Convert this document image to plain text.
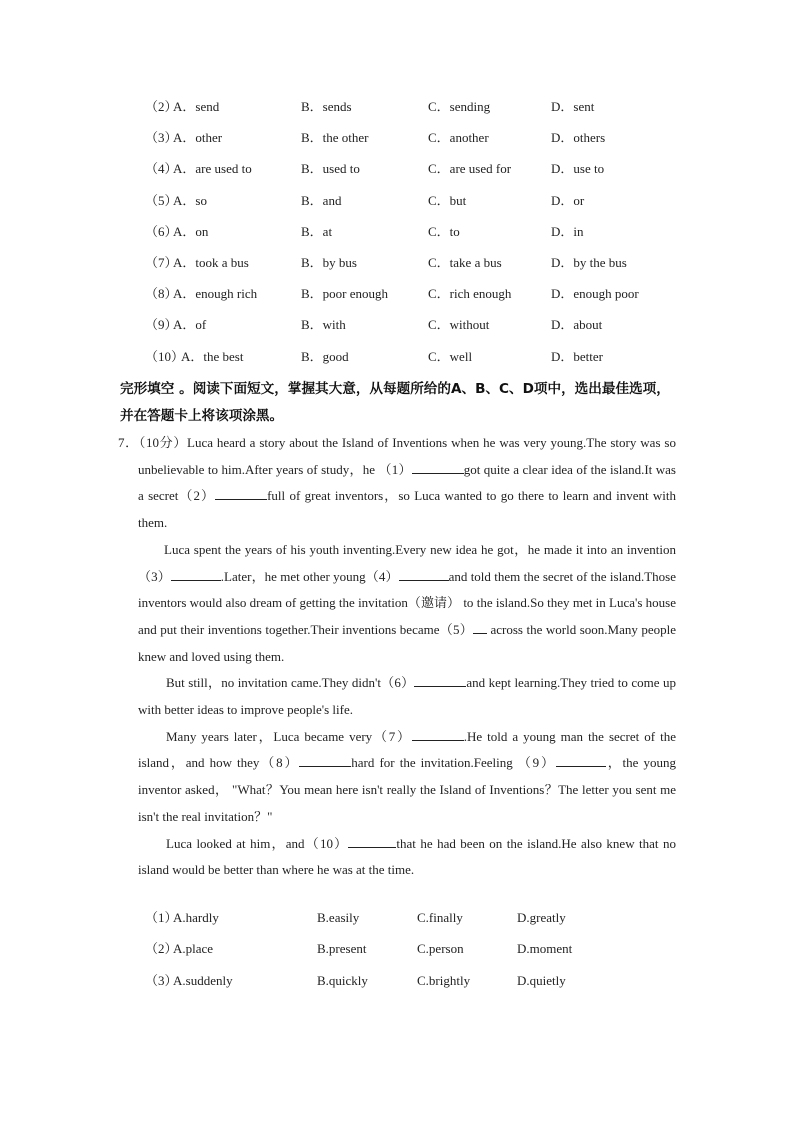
（2）
A．send	B．sends	C．sending	D．sent
（3）
A．other	B．the other	C．another	D．others
（4）
A．are used to	B．used to	C．are used for	D．use to
（5）
A．so	B．and	C．but	D．or
（6）
A．on	B．at	C．to	D．in
（7）
A．took a bus	B．by bus	C．take a bus	D．by the bus
（8）
A．enough rich	B．poor enough	C．rich enough	D．enough poor
（9）
A．of	B．with	C．without	D．about
（10）
A．the best	B．good	C．well	D．better
完形填空 。阅读下面短文，掌握其大意，从每题所给的A、B、C、D项中，选出最佳选项，并在答题卡上将该项涂黑。

7．（10分）Luca heard a story about the Island of Inventions when he was very young.The story was so unbelievable to him.After years of study，he （1）	got quite a clear idea of the island.It was a secret（2）	full of great inventors，so Luca wanted to go there to learn and invent with them.

Luca spent the years of his youth inventing.Every new idea he got，he made it into an invention（3）	.Later，he met other young（4）	and told them the secret of the island.Those inventors would also dream of getting the invitation（邀请） to the island.So they met in Luca's house and put their inventions together.Their inventions became（5） across the world soon.Many people knew and loved using them.

But still，no invitation came.They didn't（6）	and kept learning.They tried to come up with better ideas to improve people's life.

Many years later，Luca became very（7）	.He told a young man the secret of the island，and how they（8）	hard for the invitation.Feeling （9）	，the young inventor asked， "What？You mean here isn't really the Island of Inventions？The letter you sent me isn't the real invitation？"

Luca looked at him，and（10）	that he had been on the island.He also knew that no island would be better than where he was at the time.

（1）
A.hardly	B.easily	C.finally	D.greatly
（2）
A.place	B.present	C.person	D.moment
（3）
A.suddenly	B.quickly	C.brightly	D.quietly
